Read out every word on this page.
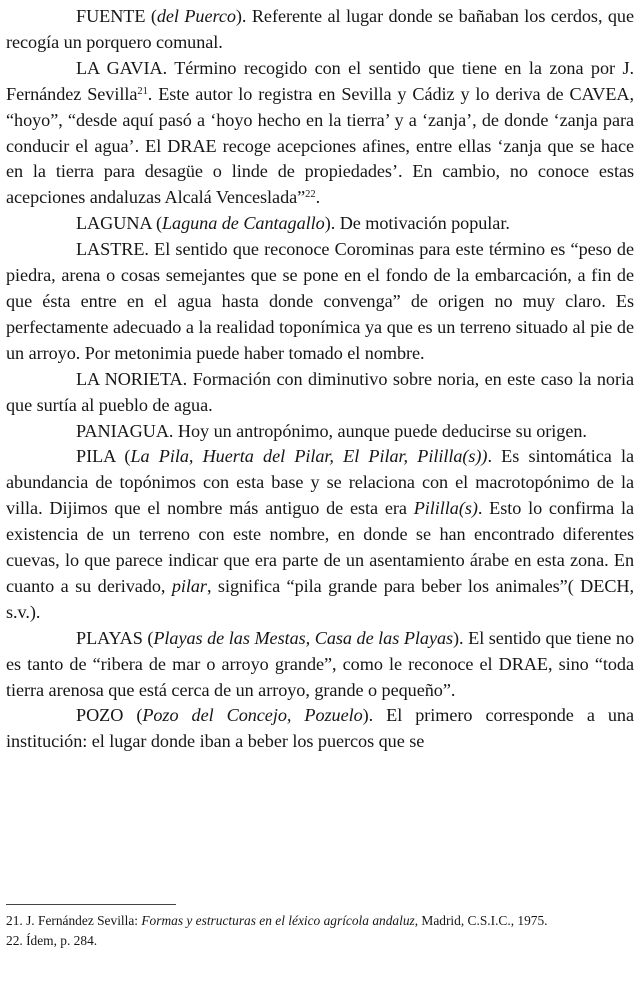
FUENTE (del Puerco). Referente al lugar donde se bañaban los cerdos, que recogía un porquero comunal.

LA GAVIA. Término recogido con el sentido que tiene en la zona por J. Fernández Sevilla$^{21}$. Este autor lo registra en Sevilla y Cádiz y lo deriva de CAVEA, “hoyo”, “desde aquí pasó a ‘hoyo hecho en la tierra’ y a ‘zanja’, de donde ‘zanja para conducir el agua’. El DRAE recoge acepciones afines, entre ellas ‘zanja que se hace en la tierra para desagüe o linde de propiedades’. En cambio, no conoce estas acepciones andaluzas Alcalá Venceslada”$^{22}$.

LAGUNA (Laguna de Cantagallo). De motivación popular.

LASTRE. El sentido que reconoce Corominas para este término es “peso de piedra, arena o cosas semejantes que se pone en el fondo de la embarcación, a fin de que ésta entre en el agua hasta donde convenga” de origen no muy claro. Es perfectamente adecuado a la realidad toponímica ya que es un terreno situado al pie de un arroyo. Por metonimia puede haber tomado el nombre.

LA NORIETA. Formación con diminutivo sobre noria, en este caso la noria que surtía al pueblo de agua.

PANIAGUA. Hoy un antropónimo, aunque puede deducirse su origen.

PILA (La Pila, Huerta del Pilar, El Pilar, Pililla(s)). Es sintomática la abundancia de topónimos con esta base y se relaciona con el macrotopónimo de la villa. Dijimos que el nombre más antiguo de esta era Pililla(s). Esto lo confirma la existencia de un terreno con este nombre, en donde se han encontrado diferentes cuevas, lo que parece indicar que era parte de un asentamiento árabe en esta zona. En cuanto a su derivado, pilar, significa “pila grande para beber los animales”( DECH, s.v.).

PLAYAS (Playas de las Mestas, Casa de las Playas). El sentido que tiene no es tanto de “ribera de mar o arroyo grande”, como le reconoce el DRAE, sino “toda tierra arenosa que está cerca de un arroyo, grande o pequeño”.

POZO (Pozo del Concejo, Pozuelo). El primero corresponde a una institución: el lugar donde iban a beber los puercos que se

21. J. Fernández Sevilla: Formas y estructuras en el léxico agrícola andaluz, Madrid, C.S.I.C., 1975.

22. Ídem, p. 284.
